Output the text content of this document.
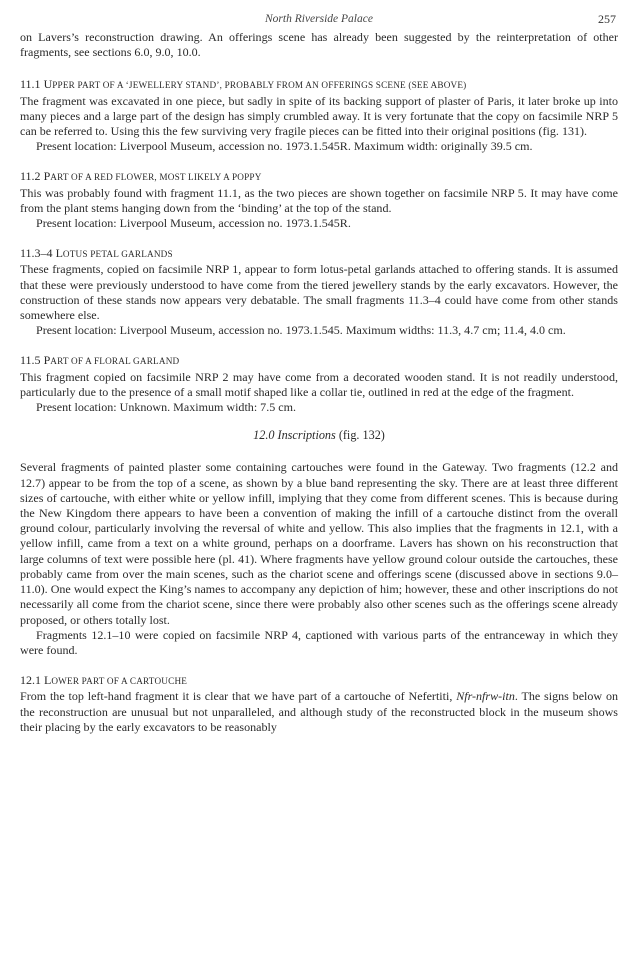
North Riverside Palace	257

on Lavers’s reconstruction drawing. An offerings scene has already been suggested by the reinterpretation of other fragments, see sections 6.0, 9.0, 10.0.

11.1 UPPER PART OF A ‘JEWELLERY STAND’, PROBABLY FROM AN OFFERINGS SCENE (SEE ABOVE)

The fragment was excavated in one piece, but sadly in spite of its backing support of plaster of Paris, it later broke up into many pieces and a large part of the design has simply crumbled away. It is very fortunate that the copy on facsimile NRP 5 can be referred to. Using this the few surviving very fragile pieces can be fitted into their original positions (fig. 131).

Present location: Liverpool Museum, accession no. 1973.1.545R. Maximum width: originally 39.5 cm.

11.2 PART OF A RED FLOWER, MOST LIKELY A POPPY

This was probably found with fragment 11.1, as the two pieces are shown together on facsimile NRP 5. It may have come from the plant stems hanging down from the ‘binding’ at the top of the stand.

Present location: Liverpool Museum, accession no. 1973.1.545R.

11.3–4 LOTUS PETAL GARLANDS

These fragments, copied on facsimile NRP 1, appear to form lotus-petal garlands attached to offering stands. It is assumed that these were previously understood to have come from the tiered jewellery stands by the early excavators. However, the construction of these stands now appears very debatable. The small fragments 11.3–4 could have come from other stands somewhere else.

Present location: Liverpool Museum, accession no. 1973.1.545. Maximum widths: 11.3, 4.7 cm; 11.4, 4.0 cm.

11.5 PART OF A FLORAL GARLAND

This fragment copied on facsimile NRP 2 may have come from a decorated wooden stand. It is not readily understood, particularly due to the presence of a small motif shaped like a collar tie, outlined in red at the edge of the fragment.

Present location: Unknown. Maximum width: 7.5 cm.

12.0 Inscriptions (fig. 132)

Several fragments of painted plaster some containing cartouches were found in the Gateway. Two fragments (12.2 and 12.7) appear to be from the top of a scene, as shown by a blue band representing the sky. There are at least three different sizes of cartouche, with either white or yellow infill, implying that they come from different scenes. This is because during the New Kingdom there appears to have been a convention of making the infill of a cartouche distinct from the overall ground colour, particularly involving the reversal of white and yellow. This also implies that the fragments in 12.1, with a yellow infill, came from a text on a white ground, perhaps on a doorframe. Lavers has shown on his reconstruction that large columns of text were possible here (pl. 41). Where fragments have yellow ground colour outside the cartouches, these probably came from over the main scenes, such as the chariot scene and offerings scene (discussed above in sections 9.0–11.0). One would expect the King’s names to accompany any depiction of him; however, these and other inscriptions do not necessarily all come from the chariot scene, since there were probably also other scenes such as the offerings scene already proposed, or others totally lost.

Fragments 12.1–10 were copied on facsimile NRP 4, captioned with various parts of the entranceway in which they were found.

12.1 LOWER PART OF A CARTOUCHE

From the top left-hand fragment it is clear that we have part of a cartouche of Nefertiti, Nfr-nfrw-itn. The signs below on the reconstruction are unusual but not unparalleled, and although study of the reconstructed block in the museum shows their placing by the early excavators to be reasonably
